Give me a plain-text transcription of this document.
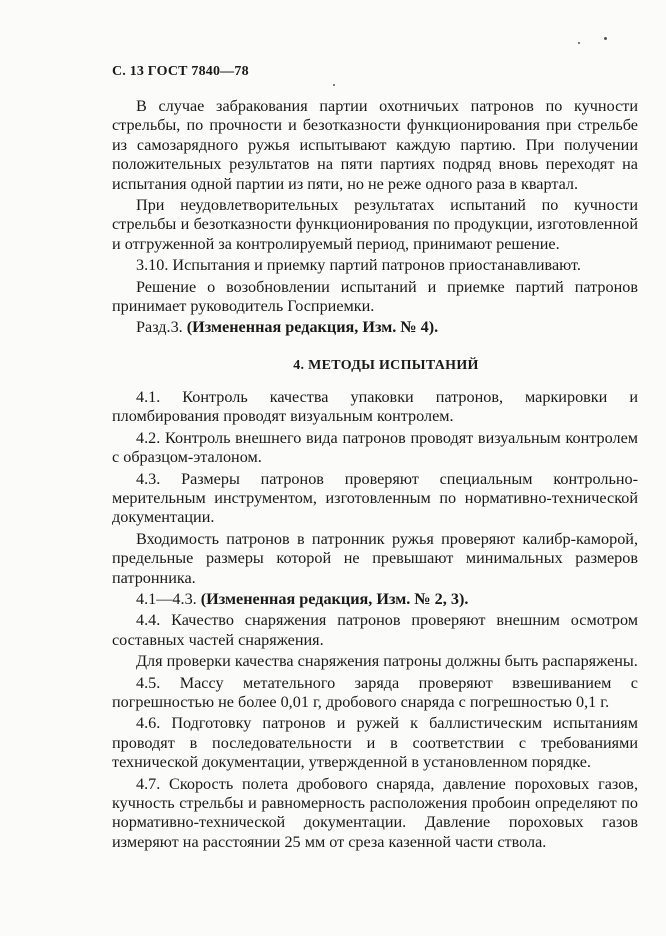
С. 13 ГОСТ 7840—78

В случае забракования партии охотничьих патронов по кучности стрельбы, по прочности и безотказности функционирования при стрельбе из самозарядного ружья испытывают каждую партию. При получении положительных результатов на пяти партиях подряд вновь переходят на испытания одной партии из пяти, но не реже одного раза в квартал.

При неудовлетворительных результатах испытаний по кучности стрельбы и безотказности функционирования по продукции, изготовленной и отгруженной за контролируемый период, принимают решение.

3.10. Испытания и приемку партий патронов приостанавливают.

Решение о возобновлении испытаний и приемке партий патронов принимает руководитель Госприемки.

Разд.3. (Измененная редакция, Изм. № 4).

4. МЕТОДЫ ИСПЫТАНИЙ

4.1. Контроль качества упаковки патронов, маркировки и пломбирования проводят визуальным контролем.

4.2. Контроль внешнего вида патронов проводят визуальным контролем с образцом-эталоном.

4.3. Размеры патронов проверяют специальным контрольно-мерительным инструментом, изготовленным по нормативно-технической документации.

Входимость патронов в патронник ружья проверяют калибр-каморой, предельные размеры которой не превышают минимальных размеров патронника.

4.1—4.3. (Измененная редакция, Изм. № 2, 3).

4.4. Качество снаряжения патронов проверяют внешним осмотром составных частей снаряжения.

Для проверки качества снаряжения патроны должны быть распаряжены.

4.5. Массу метательного заряда проверяют взвешиванием с погрешностью не более 0,01 г, дробового снаряда с погрешностью 0,1 г.

4.6. Подготовку патронов и ружей к баллистическим испытаниям проводят в последовательности и в соответствии с требованиями технической документации, утвержденной в установленном порядке.

4.7. Скорость полета дробового снаряда, давление пороховых газов, кучность стрельбы и равномерность расположения пробоин определяют по нормативно-технической документации. Давление пороховых газов измеряют на расстоянии 25 мм от среза казенной части ствола.
